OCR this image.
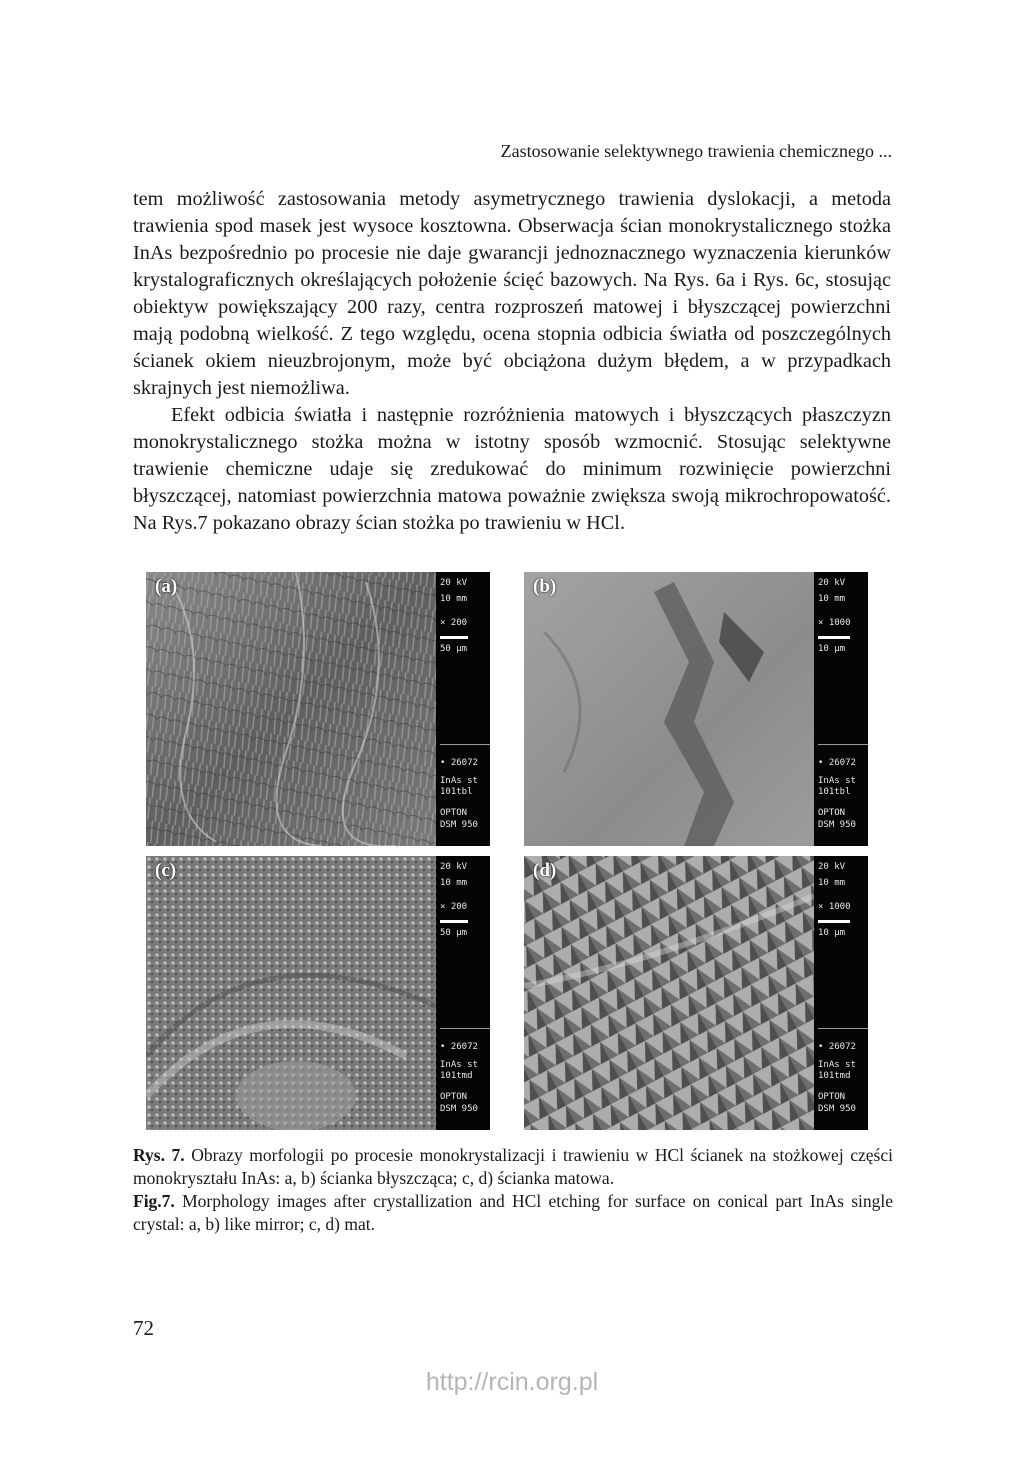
Zastosowanie selektywnego trawienia chemicznego ...

tem możliwość zastosowania metody asymetrycznego trawienia dyslokacji, a metoda trawienia spod masek jest wysoce kosztowna. Obserwacja ścian monokrystalicznego stożka InAs bezpośrednio po procesie nie daje gwarancji jednoznacznego wyznaczenia kierunków krystalograficznych określających położenie ścięć bazowych. Na Rys. 6a i Rys. 6c, stosując obiektyw powiększający 200 razy, centra rozproszeń matowej i błyszczącej powierzchni mają podobną wielkość. Z tego względu, ocena stopnia odbicia światła od poszczególnych ścianek okiem nieuzbrojonym, może być obciążona dużym błędem, a w przypadkach skrajnych jest niemożliwa.

Efekt odbicia światła i następnie rozróżnienia matowych i błyszczących płaszczyzn monokrystalicznego stożka można w istotny sposób wzmocnić. Stosując selektywne trawienie chemiczne udaje się zredukować do minimum rozwinięcie powierzchni błyszczącej, natomiast powierzchnia matowa poważnie zwiększa swoją mikrochropowatość. Na Rys.7 pokazano obrazy ścian stożka po trawieniu w HCl.

(a)	20 kV
10 mm
× 200
50 μm
• 26072
InAs st
101tbl
OPTON
DSM 950
(b)	20 kV
10 mm
× 1000
10 μm
• 26072
InAs st
101tbl
OPTON
DSM 950
(c)	20 kV
10 mm
× 200
50 μm
• 26072
InAs st
101tmd
OPTON
DSM 950
(d)	20 kV
10 mm
× 1000
10 μm
• 26072
InAs st
101tmd
OPTON
DSM 950

Rys. 7. Obrazy morfologii po procesie monokrystalizacji i trawieniu w HCl ścianek na stożkowej części monokryształu InAs: a, b) ścianka błyszcząca; c, d) ścianka matowa.

Fig.7. Morphology images after crystallization and HCl etching for surface on conical part InAs single crystal: a, b) like mirror; c, d) mat.

72
http://rcin.org.pl
